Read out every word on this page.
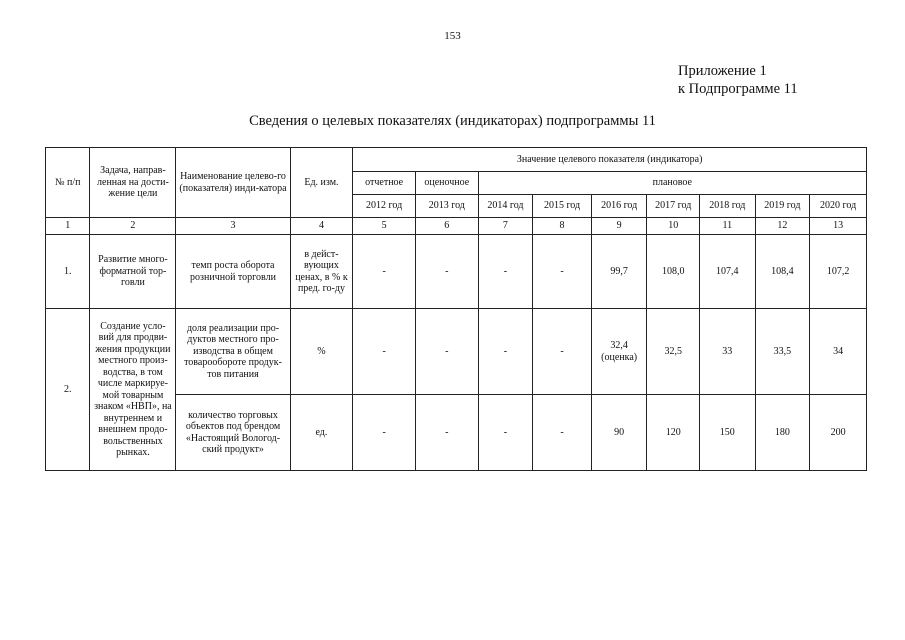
153
Приложение 1
к Подпрограмме 11
Сведения о целевых показателях (индикаторах) подпрограммы 11
№ п/п	Задача, направ-ленная на дости-жение цели	Наименование целево-го (показателя) инди-катора	Ед. изм.	Значение целевого показателя (индикатора)								
				отчетное	оценочное	плановое						
				2012 год	2013 год	2014 год	2015 год	2016 год	2017 год	2018 год	2019 год	2020 год
1	2	3	4	5	6	7	8	9	10	11	12	13
1.	Развитие много-форматной тор-говли	темп роста оборота розничной торговли	в дейст-вующих ценах, в % к пред. го-ду	-	-	-	-	99,7	108,0	107,4	108,4	107,2
2.	Создание усло-вий для продви-жения продукции местного произ-водства, в том числе маркируе-мой товарным знаком «НВП», на внутреннем и внешнем продо-вольственных рынках.	доля реализации про-дуктов местного про-изводства в общем товарообороте продук-тов питания	%	-	-	-	-	32,4 (оценка)	32,5	33	33,5	34
		количество торговых объектов под брендом «Настоящий Вологод-ский продукт»	ед.	-	-	-	-	90	120	150	180	200
